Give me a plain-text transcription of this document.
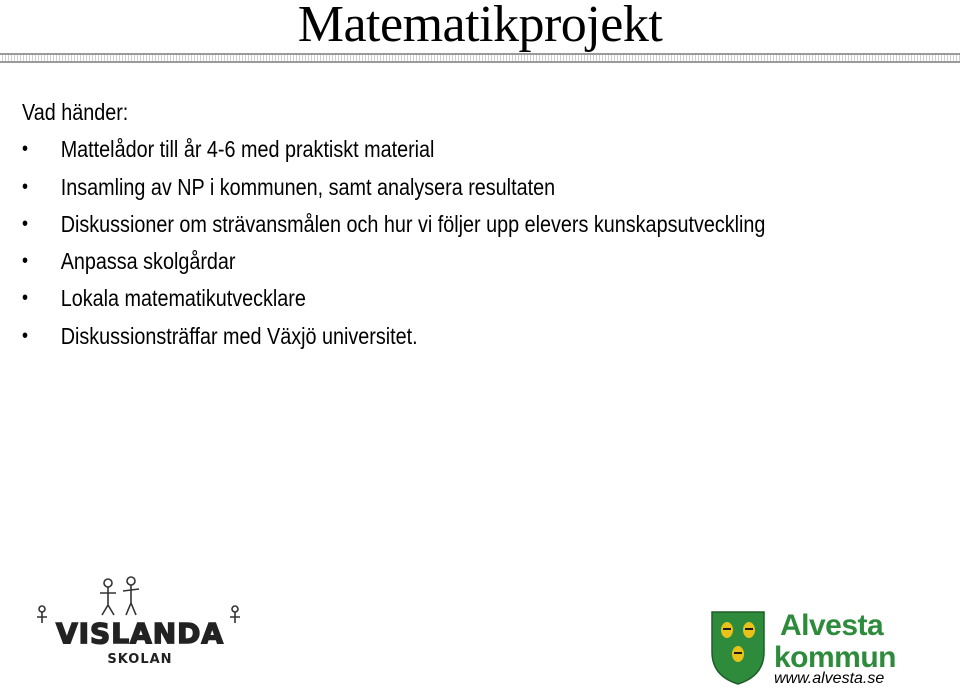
Matematikprojekt
Vad händer:
• Mattelådor till år 4-6 med praktiskt material
• Insamling av NP i kommunen, samt analysera resultaten
• Diskussioner om strävansmålen och hur vi följer upp elevers kunskapsutveckling
• Anpassa skolgårdar
• Lokala matematikutvecklare
• Diskussionsträffar med Växjö universitet.
VISLANDA
SKOLAN
Alvesta
kommun
www.alvesta.se
